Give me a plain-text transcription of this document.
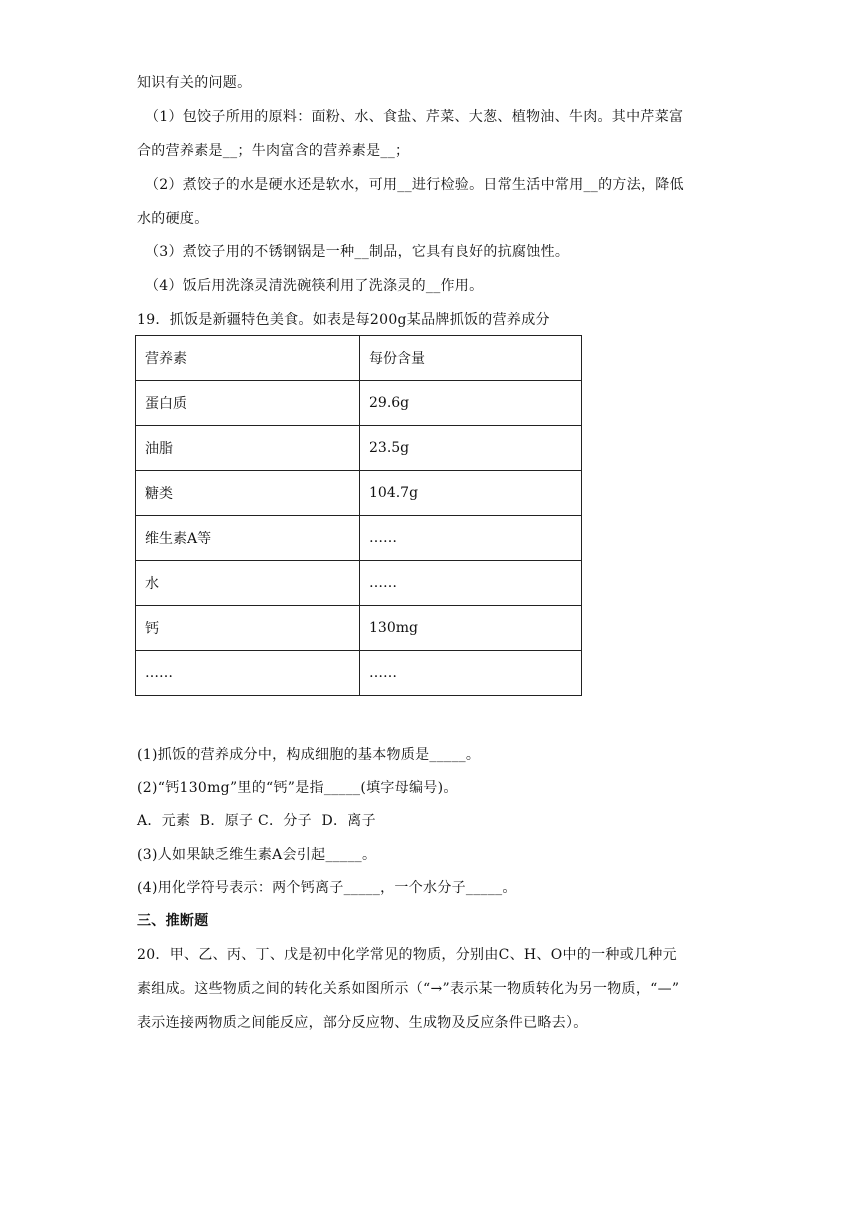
知识有关的问题。
（1）包饺子所用的原料：面粉、水、食盐、芹菜、大葱、植物油、牛肉。其中芹菜富
合的营养素是__；牛肉富含的营养素是__；
（2）煮饺子的水是硬水还是软水，可用__进行检验。日常生活中常用__的方法，降低
水的硬度。
（3）煮饺子用的不锈钢锅是一种__制品，它具有良好的抗腐蚀性。
（4）饭后用洗涤灵清洗碗筷利用了洗涤灵的__作用。
19．抓饭是新疆特色美食。如表是每200g某品牌抓饭的营养成分
营养素	每份含量
蛋白质	29.6g
油脂	23.5g
糖类	104.7g
维生素A等	……
水	……
钙	130mg
……	……
(1)抓饭的营养成分中，构成细胞的基本物质是_____。
(2)“钙130mg”里的“钙”是指_____(填字母编号)。
A．元素  B．原子 C．分子  D．离子
(3)人如果缺乏维生素A会引起_____。
(4)用化学符号表示：两个钙离子_____，一个水分子_____。
三、推断题
20．甲、乙、丙、丁、戊是初中化学常见的物质，分别由C、H、O中的一种或几种元
素组成。这些物质之间的转化关系如图所示（“→”表示某一物质转化为另一物质，“—”
表示连接两物质之间能反应，部分反应物、生成物及反应条件已略去）。
